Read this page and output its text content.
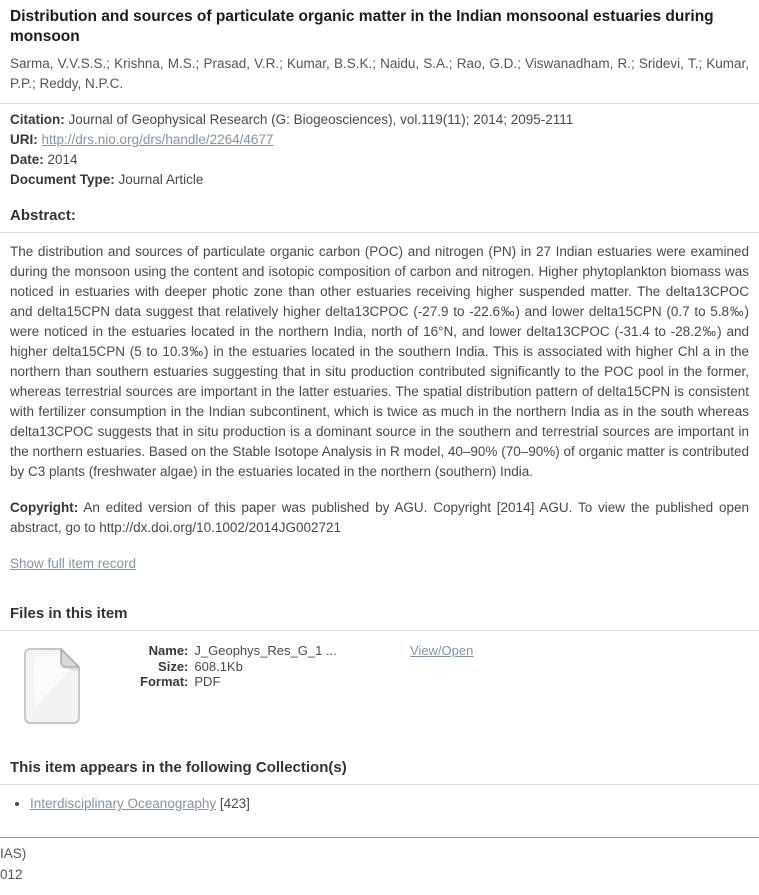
Distribution and sources of particulate organic matter in the Indian monsoonal estuaries during monsoon

Sarma, V.V.S.S.; Krishna, M.S.; Prasad, V.R.; Kumar, B.S.K.; Naidu, S.A.; Rao, G.D.; Viswanadham, R.; Sridevi, T.; Kumar, P.P.; Reddy, N.P.C.

Citation: Journal of Geophysical Research (G: Biogeosciences), vol.119(11); 2014; 2095-2111

URI: http://drs.nio.org/drs/handle/2264/4677

Date: 2014

Document Type: Journal Article

Abstract:

The distribution and sources of particulate organic carbon (POC) and nitrogen (PN) in 27 Indian estuaries were examined during the monsoon using the content and isotopic composition of carbon and nitrogen. Higher phytoplankton biomass was noticed in estuaries with deeper photic zone than other estuaries receiving higher suspended matter. The delta13CPOC and delta15CPN data suggest that relatively higher delta13CPOC (-27.9 to -22.6‰) and lower delta15CPN (0.7 to 5.8‰) were noticed in the estuaries located in the northern India, north of 16°N, and lower delta13CPOC (-31.4 to -28.2‰) and higher delta15CPN (5 to 10.3‰) in the estuaries located in the southern India. This is associated with higher Chl a in the northern than southern estuaries suggesting that in situ production contributed significantly to the POC pool in the former, whereas terrestrial sources are important in the latter estuaries. The spatial distribution pattern of delta15CPN is consistent with fertilizer consumption in the Indian subcontinent, which is twice as much in the northern India as in the south whereas delta13CPOC suggests that in situ production is a dominant source in the southern and terrestrial sources are important in the northern estuaries. Based on the Stable Isotope Analysis in R model, 40–90% (70–90%) of organic matter is contributed by C3 plants (freshwater algae) in the estuaries located in the northern (southern) India.

Copyright: An edited version of this paper was published by AGU. Copyright [2014] AGU. To view the published open abstract, go to http://dx.doi.org/10.1002/2014JG002721

Show full item record

Files in this item
Name:	J_Geophys_Res_G_1 ...
Size:	608.1Kb
Format:	PDF
View/Open
This item appears in the following Collection(s)
• Interdisciplinary Oceanography [423]
IAS)
012
